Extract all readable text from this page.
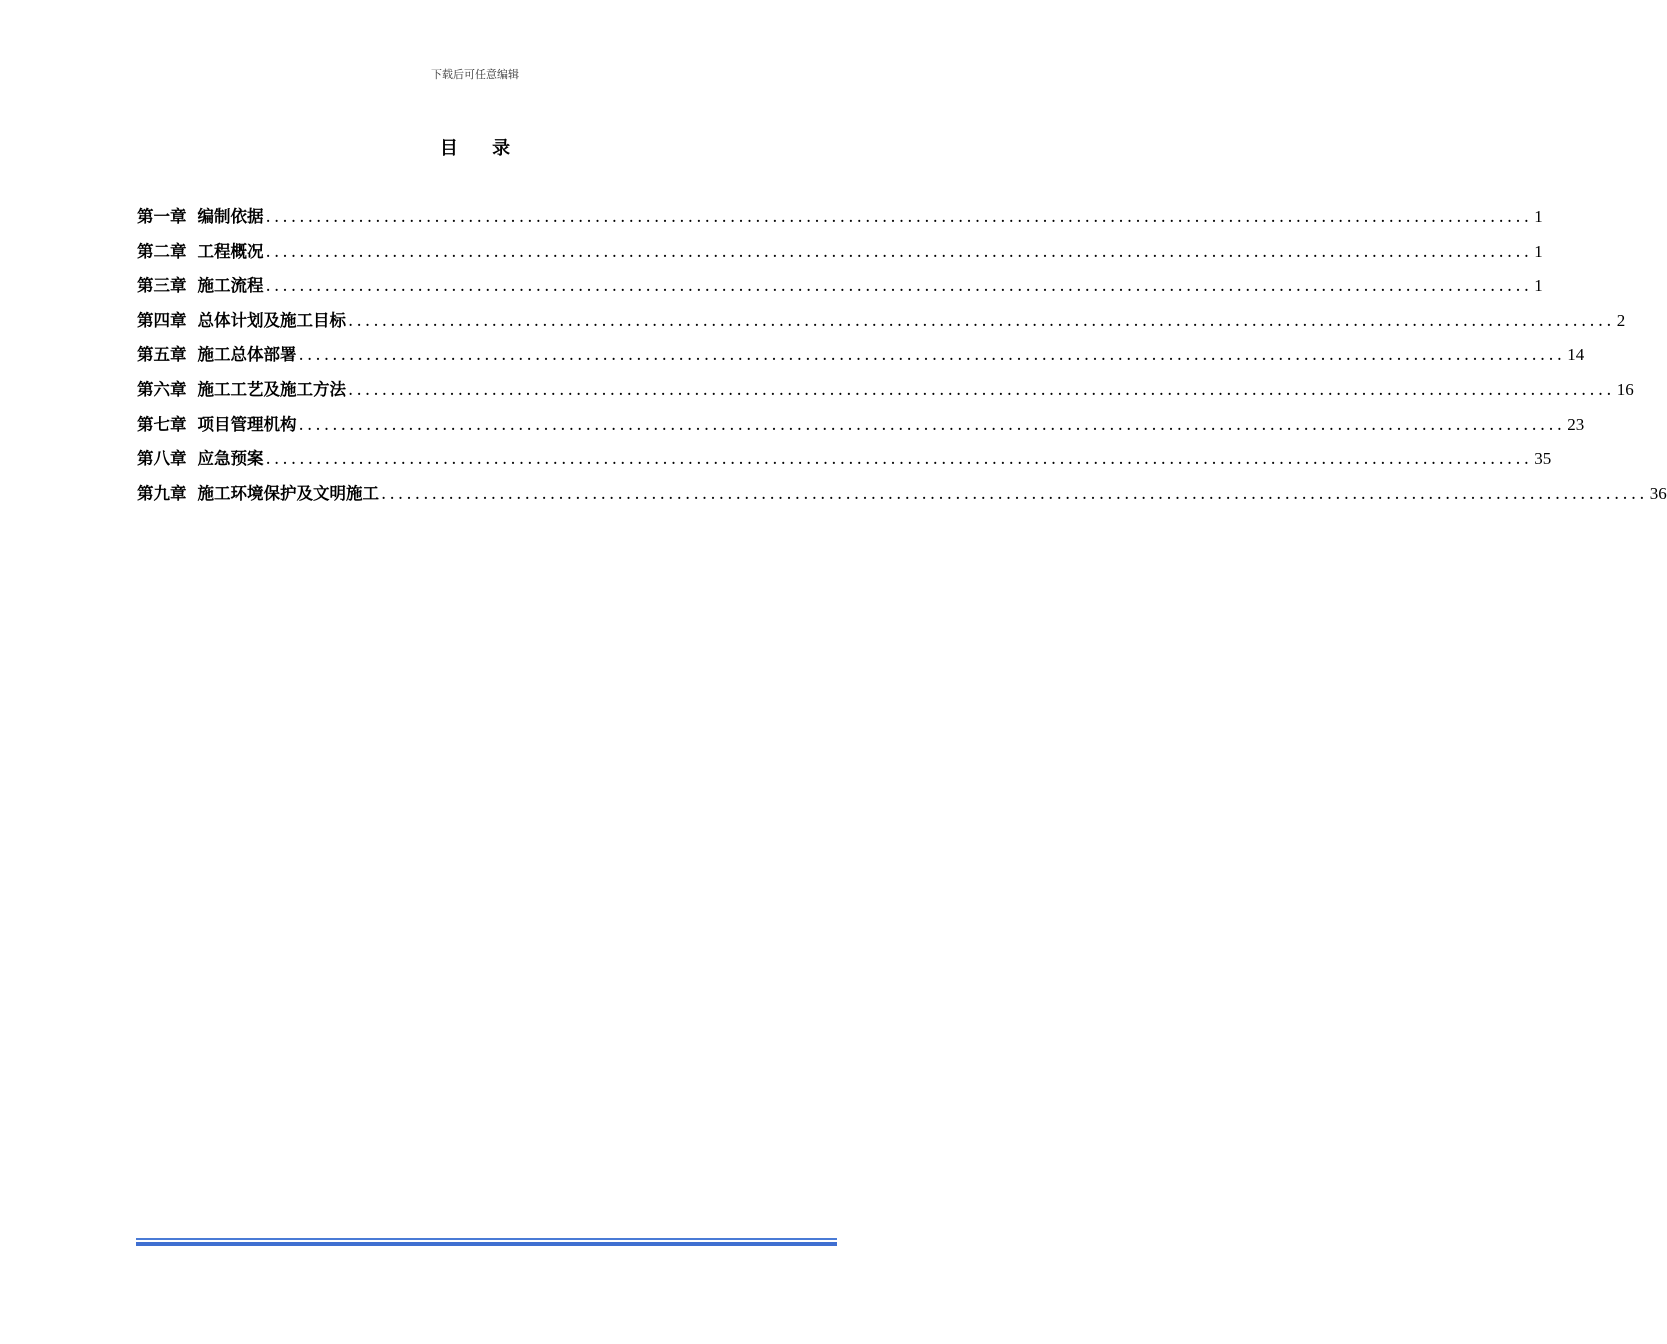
下载后可任意编辑
目 录
第一章 编制依据 ...................................................................................................................................................... 1
第二章 工程概况 ...................................................................................................................................................... 1
第三章 施工流程 ...................................................................................................................................................... 1
第四章 总体计划及施工目标 ...................................................................................................................................................... 2
第五章 施工总体部署 ...................................................................................................................................................... 14
第六章 施工工艺及施工方法 ...................................................................................................................................................... 16
第七章 项目管理机构 ...................................................................................................................................................... 23
第八章 应急预案 ...................................................................................................................................................... 35
第九章 施工环境保护及文明施工 ...................................................................................................................................................... 36
